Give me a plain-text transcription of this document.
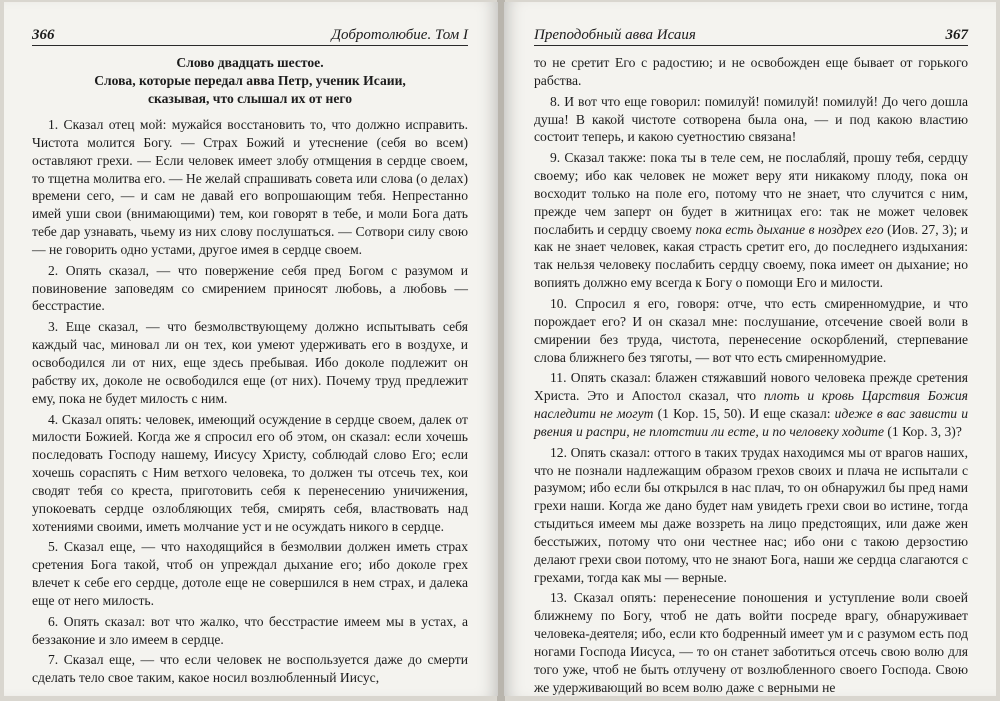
366	Добротолюбие. Том I
Слово двадцать шестое.
Слова, которые передал авва Петр, ученик Исаии,
сказывая, что слышал их от него

1. Сказал отец мой: мужайся восстановить то, что должно исправить. Чистота молится Богу. — Страх Божий и утеснение (себя во всем) оставляют грехи. — Если человек имеет злобу отмщения в сердце своем, то тщетна молитва его. — Не желай спрашивать совета или слова (о делах) времени сего, — и сам не давай его вопрошающим тебя. Непрестанно имей уши свои (внимающими) тем, кои говорят в тебе, и моли Бога дать тебе дар узнавать, чьему из них слову послушаться. — Сотвори силу свою — не говорить одно устами, другое имея в сердце своем.

2. Опять сказал, — что повержение себя пред Богом с разумом и повиновение заповедям со смирением приносят любовь, а любовь — бесстрастие.

3. Еще сказал, — что безмолвствующему должно испытывать себя каждый час, миновал ли он тех, кои умеют удерживать его в воздухе, и освободился ли от них, еще здесь пребывая. Ибо доколе подлежит он рабству их, доколе не освободился еще (от них). Почему труд предлежит ему, пока не будет милость с ним.

4. Сказал опять: человек, имеющий осуждение в сердце своем, далек от милости Божией. Когда же я спросил его об этом, он сказал: если хочешь последовать Господу нашему, Иисусу Христу, соблюдай слово Его; если хочешь сораспять с Ним ветхого человека, то должен ты отсечь тех, кои сводят тебя со креста, приготовить себя к перенесению уничижения, упокоевать сердце озлобляющих тебя, смирять себя, властвовать над хотениями своими, иметь молчание уст и не осуждать никого в сердце.

5. Сказал еще, — что находящийся в безмолвии должен иметь страх сретения Бога такой, чтоб он упреждал дыхание его; ибо доколе грех влечет к себе его сердце, дотоле еще не совершился в нем страх, и далека еще от него милость.

6. Опять сказал: вот что жалко, что бесстрастие имеем мы в устах, а беззаконие и зло имеем в сердце.

7. Сказал еще, — что если человек не воспользуется даже до смерти сделать тело свое таким, какое носил возлюбленный Иисус,

Преподобный авва Исаия	367

то не сретит Его с радостию; и не освобожден еще бывает от горького рабства.

8. И вот что еще говорил: помилуй! помилуй! помилуй! До чего дошла душа! В какой чистоте сотворена была она, — и под какою властию состоит теперь, и какою суетностию связана!

9. Сказал также: пока ты в теле сем, не послабляй, прошу тебя, сердцу своему; ибо как человек не может веру яти никакому плоду, пока он восходит только на поле его, потому что не знает, что случится с ним, прежде чем заперт он будет в житницах его: так не может человек послабить и сердцу своему пока есть дыхание в ноздрех его (Иов. 27, 3); и как не знает человек, какая страсть сретит его, до последнего издыхания: так нельзя человеку послабить сердцу своему, пока имеет он дыхание; но вопиять должно ему всегда к Богу о помощи Его и милости.

10. Спросил я его, говоря: отче, что есть смиренномудрие, и что порождает его? И он сказал мне: послушание, отсечение своей воли в смирении без труда, чистота, перенесение оскорблений, стерпевание слова ближнего без тяготы, — вот что есть смиренномудрие.

11. Опять сказал: блажен стяжавший нового человека прежде сретения Христа. Это и Апостол сказал, что плоть и кровь Царствия Божия наследити не могут (1 Кор. 15, 50). И еще сказал: идеже в вас зависти и рвения и распри, не плотстии ли есте, и по человеку ходите (1 Кор. 3, 3)?

12. Опять сказал: оттого в таких трудах находимся мы от врагов наших, что не познали надлежащим образом грехов своих и плача не испытали с разумом; ибо если бы открылся в нас плач, то он обнаружил бы пред нами грехи наши. Когда же дано будет нам увидеть грехи свои во истине, тогда стыдиться имеем мы даже воззреть на лицо предстоящих, или даже жен бесстыжих, потому что они честнее нас; ибо они с такою дерзостию делают грехи свои потому, что не знают Бога, наши же сердца слагаются с грехами, тогда как мы — верные.

13. Сказал опять: перенесение поношения и уступление воли своей ближнему по Богу, чтоб не дать войти посреде врагу, обнаруживает человека-деятеля; ибо, если кто бодренный имеет ум и с разумом есть под ногами Господа Иисуса, — то он станет заботиться отсечь свою волю для того уже, чтоб не быть отлучену от возлюбленного своего Господа. Свою же удерживающий во всем волю даже с верными не
